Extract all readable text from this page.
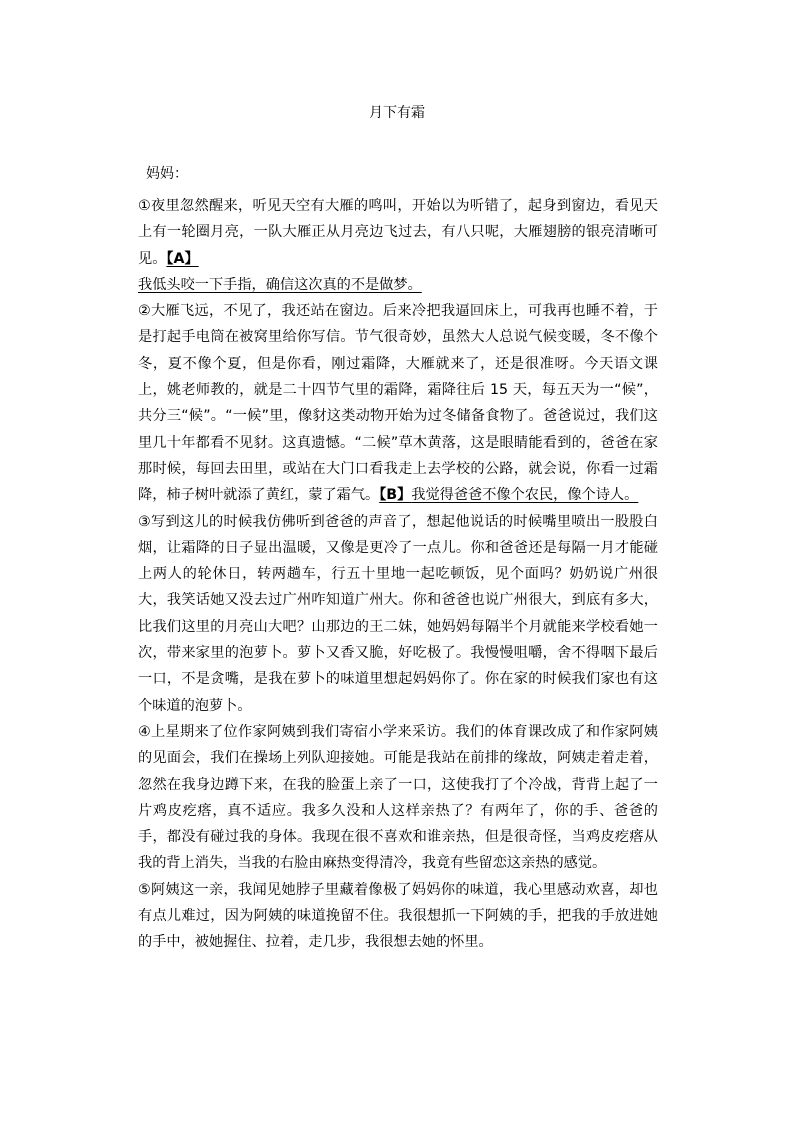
月下有霜
妈妈：

①夜里忽然醒来，听见天空有大雁的鸣叫，开始以为听错了，起身到窗边，看见天上有一轮圈月亮，一队大雁正从月亮边飞过去，有八只呢，大雁翅膀的银亮清晰可见。【A】
我低头咬一下手指，确信这次真的不是做梦。

②大雁飞远，不见了，我还站在窗边。后来冷把我逼回床上，可我再也睡不着，于是打起手电筒在被窝里给你写信。节气很奇妙，虽然大人总说气候变暖，冬不像个冬，夏不像个夏，但是你看，刚过霜降，大雁就来了，还是很准呀。今天语文课上，姚老师教的，就是二十四节气里的霜降，霜降往后 15 天，每五天为一“候”，共分三“候”。“一候”里，像豺这类动物开始为过冬储备食物了。爸爸说过，我们这里几十年都看不见豺。这真遗憾。“二候”草木黄落，这是眼睛能看到的，爸爸在家那时候，每回去田里，或站在大门口看我走上去学校的公路，就会说，你看一过霜降，柿子树叶就添了黄红，蒙了霜气。【B】我觉得爸爸不像个农民，像个诗人。

③写到这儿的时候我仿佛听到爸爸的声音了，想起他说话的时候嘴里喷出一股股白烟，让霜降的日子显出温暖，又像是更冷了一点儿。你和爸爸还是每隔一月才能碰上两人的轮休日，转两趟车，行五十里地一起吃顿饭，见个面吗？奶奶说广州很大，我笑话她又没去过广州咋知道广州大。你和爸爸也说广州很大，到底有多大，比我们这里的月亮山大吧？山那边的王二妹，她妈妈每隔半个月就能来学校看她一次，带来家里的泡萝卜。萝卜又香又脆，好吃极了。我慢慢咀嚼，舍不得咽下最后一口，不是贪嘴，是我在萝卜的味道里想起妈妈你了。你在家的时候我们家也有这个味道的泡萝卜。

④上星期来了位作家阿姨到我们寄宿小学来采访。我们的体育课改成了和作家阿姨的见面会，我们在操场上列队迎接她。可能是我站在前排的缘故，阿姨走着走着，忽然在我身边蹲下来，在我的脸蛋上亲了一口，这使我打了个冷战，背背上起了一片鸡皮疙瘩，真不适应。我多久没和人这样亲热了？有两年了，你的手、爸爸的手，都没有碰过我的身体。我现在很不喜欢和谁亲热，但是很奇怪，当鸡皮疙瘩从我的背上消失，当我的右脸由麻热变得清冷，我竟有些留恋这亲热的感觉。

⑤阿姨这一亲，我闻见她脖子里藏着像极了妈妈你的味道，我心里感动欢喜，却也有点儿难过，因为阿姨的味道挽留不住。我很想抓一下阿姨的手，把我的手放进她的手中，被她握住、拉着，走几步，我很想去她的怀里。
